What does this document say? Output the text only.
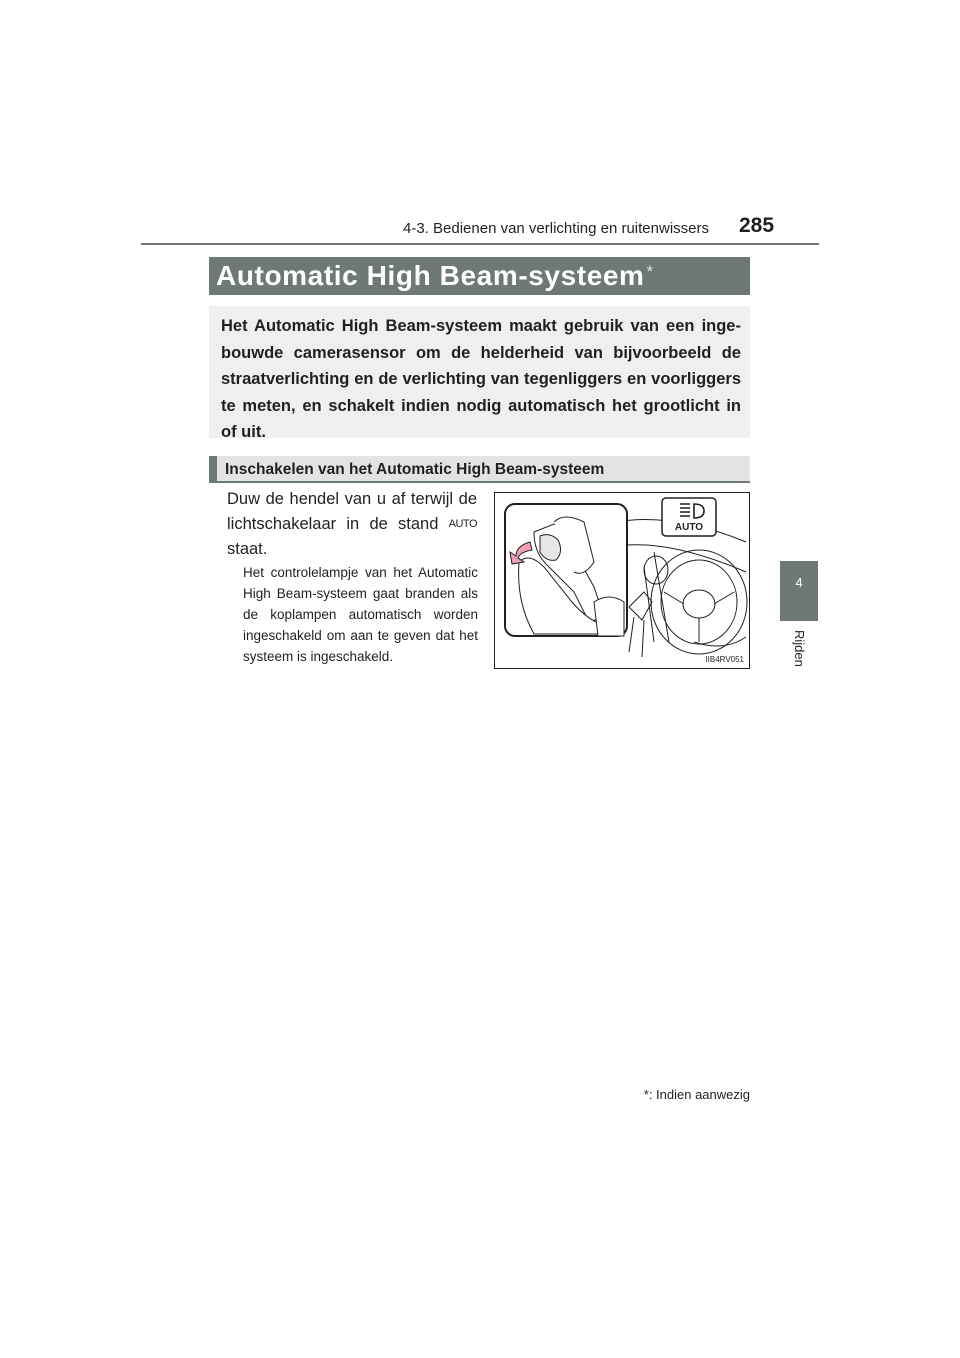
4-3. Bedienen van verlichting en ruitenwissers 285
4
Rijden
Automatic High Beam-systeem *
Het Automatic High Beam-systeem maakt gebruik van een ingebouwde camerasensor om de helderheid van bijvoorbeeld de straatverlichting en de verlichting van tegenliggers en voorliggers te meten, en schakelt indien nodig automatisch het grootlicht in of uit.
Inschakelen van het Automatic High Beam-systeem
Duw de hendel van u af terwijl de lichtschakelaar in de stand AUTO staat.
Het controlelampje van het Automatic High Beam-systeem gaat branden als de koplampen automatisch worden ingeschakeld om aan te geven dat het systeem is ingeschakeld.
AUTO
IIB4RV051
*: Indien aanwezig
